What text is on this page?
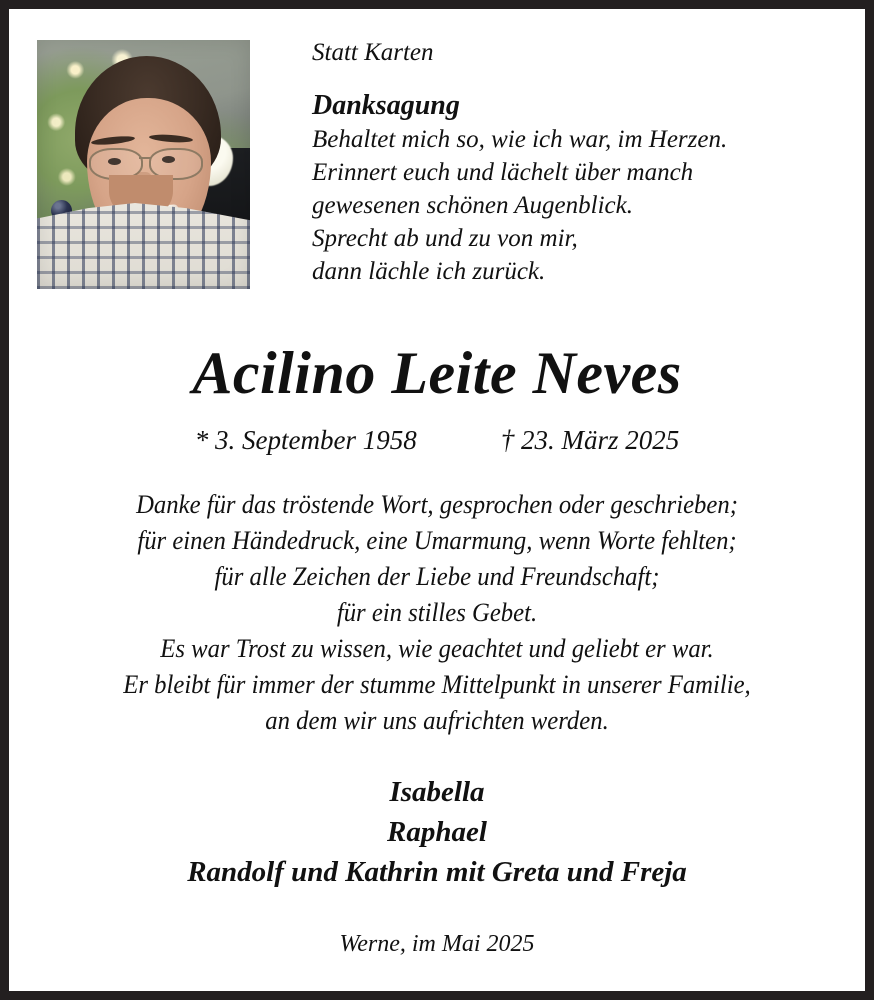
Statt Karten
Danksagung
Behaltet mich so, wie ich war, im Herzen.
Erinnert euch und lächelt über manch
gewesenen schönen Augenblick.
Sprecht ab und zu von mir,
dann lächle ich zurück.
Acilino Leite Neves
* 3. September 1958	† 23. März 2025
Danke für das tröstende Wort, gesprochen oder geschrieben;
für einen Händedruck, eine Umarmung, wenn Worte fehlten;
für alle Zeichen der Liebe und Freundschaft;
für ein stilles Gebet.
Es war Trost zu wissen, wie geachtet und geliebt er war.
Er bleibt für immer der stumme Mittelpunkt in unserer Familie,
an dem wir uns aufrichten werden.
Isabella
Raphael
Randolf und Kathrin mit Greta und Freja
Werne, im Mai 2025
